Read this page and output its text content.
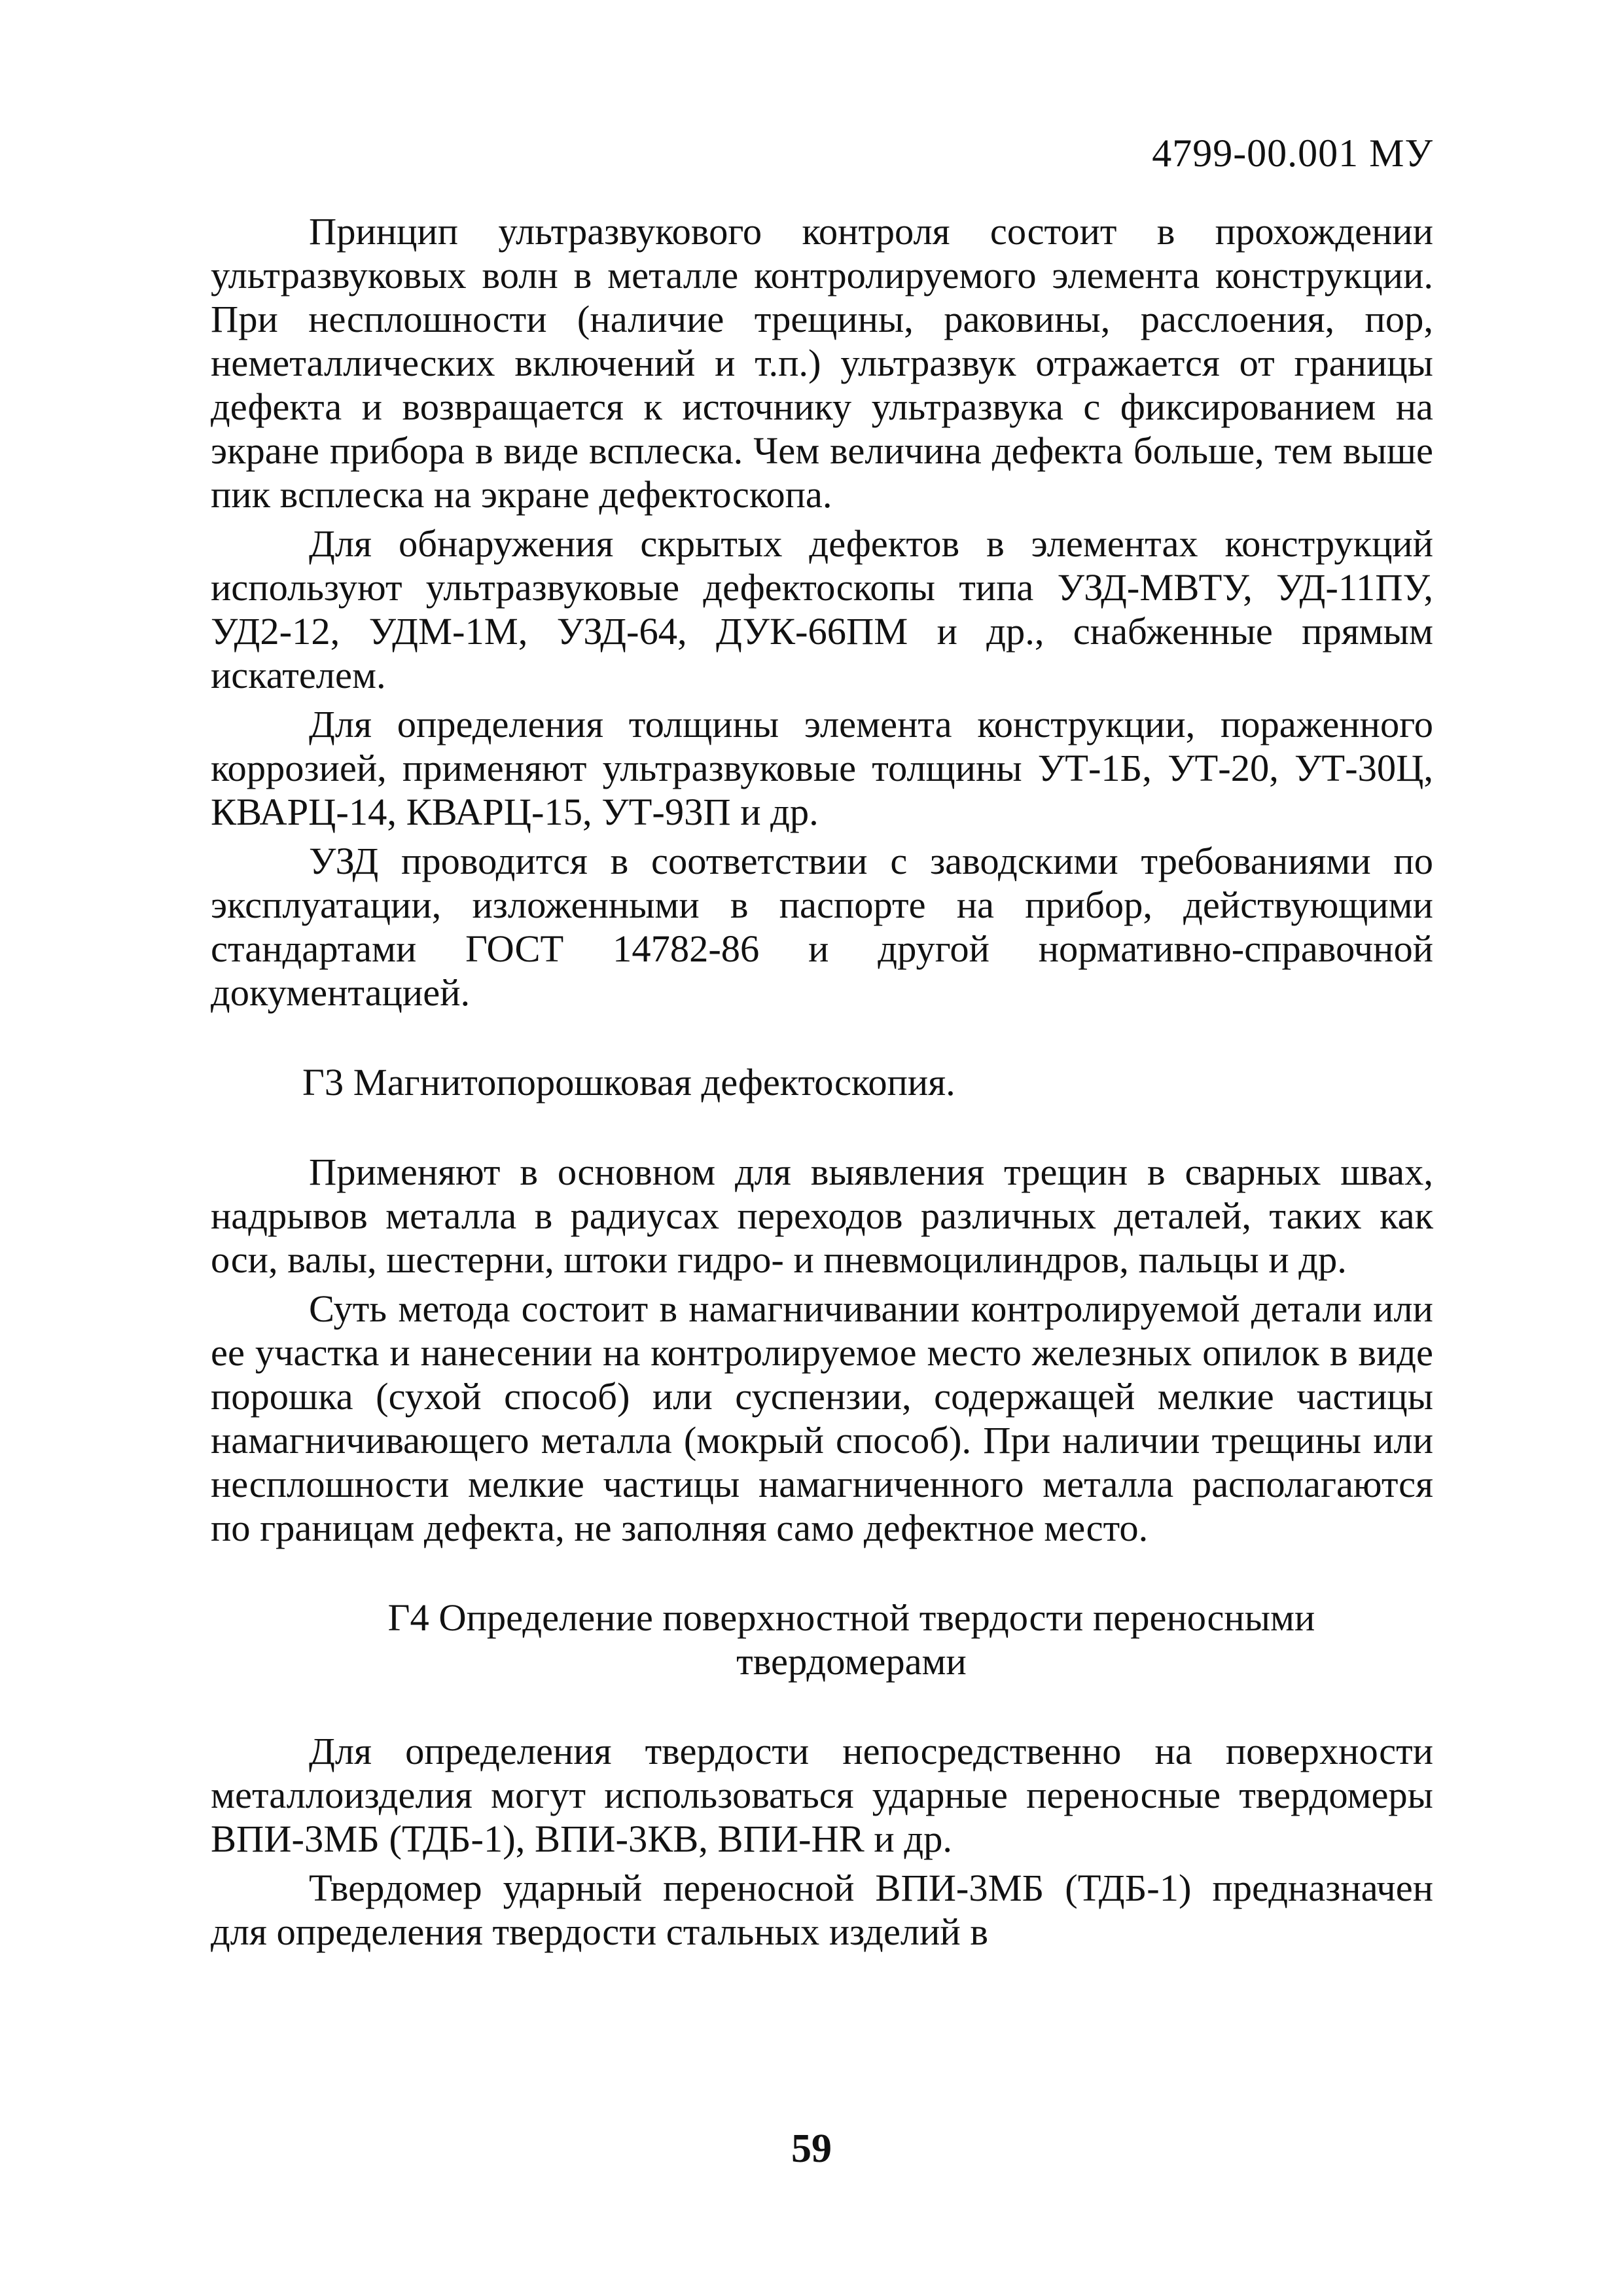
4799-00.001 МУ

Принцип ультразвукового контроля состоит в прохождении ультразвуковых волн в металле контролируемого элемента конструкции. При несплошности (наличие трещины, раковины, расслоения, пор, неметаллических включений и т.п.) ультразвук отражается от границы дефекта и возвращается к источнику ультразвука с фиксированием на экране прибора в виде всплеска. Чем величина дефекта больше, тем выше пик всплеска на экране дефектоскопа.

Для обнаружения скрытых дефектов в элементах конструкций используют ультразвуковые дефектоскопы типа УЗД-МВТУ, УД-11ПУ, УД2-12, УДМ-1М, УЗД-64, ДУК-66ПМ и др., снабженные прямым искателем.

Для определения толщины элемента конструкции, пораженного коррозией, применяют ультразвуковые толщины УТ-1Б, УТ-20, УТ-30Ц, КВАРЦ-14, КВАРЦ-15, УТ-93П и др.

УЗД проводится в соответствии с заводскими требованиями по эксплуатации, изложенными в паспорте на прибор, действующими стандартами ГОСТ 14782-86 и другой нормативно-справочной документацией.

Г3 Магнитопорошковая дефектоскопия.

Применяют в основном для выявления трещин в сварных швах, надрывов металла в радиусах переходов различных деталей, таких как оси, валы, шестерни, штоки гидро- и пневмоцилиндров, пальцы и др.

Суть метода состоит в намагничивании контролируемой детали или ее участка и нанесении на контролируемое место железных опилок в виде порошка (сухой способ) или суспензии, содержащей мелкие частицы намагничивающего металла (мокрый способ). При наличии трещины или несплошности мелкие частицы намагниченного металла располагаются по границам дефекта, не заполняя само дефектное место.

Г4 Определение поверхностной твердости переносными
твердомерами

Для определения твердости непосредственно на поверхности металлоизделия могут использоваться ударные переносные твердомеры ВПИ-3МБ (ТДБ-1), ВПИ-3КВ, ВПИ-HR и др.

Твердомер ударный переносной ВПИ-3МБ (ТДБ-1) предназначен для определения твердости стальных изделий в

59
